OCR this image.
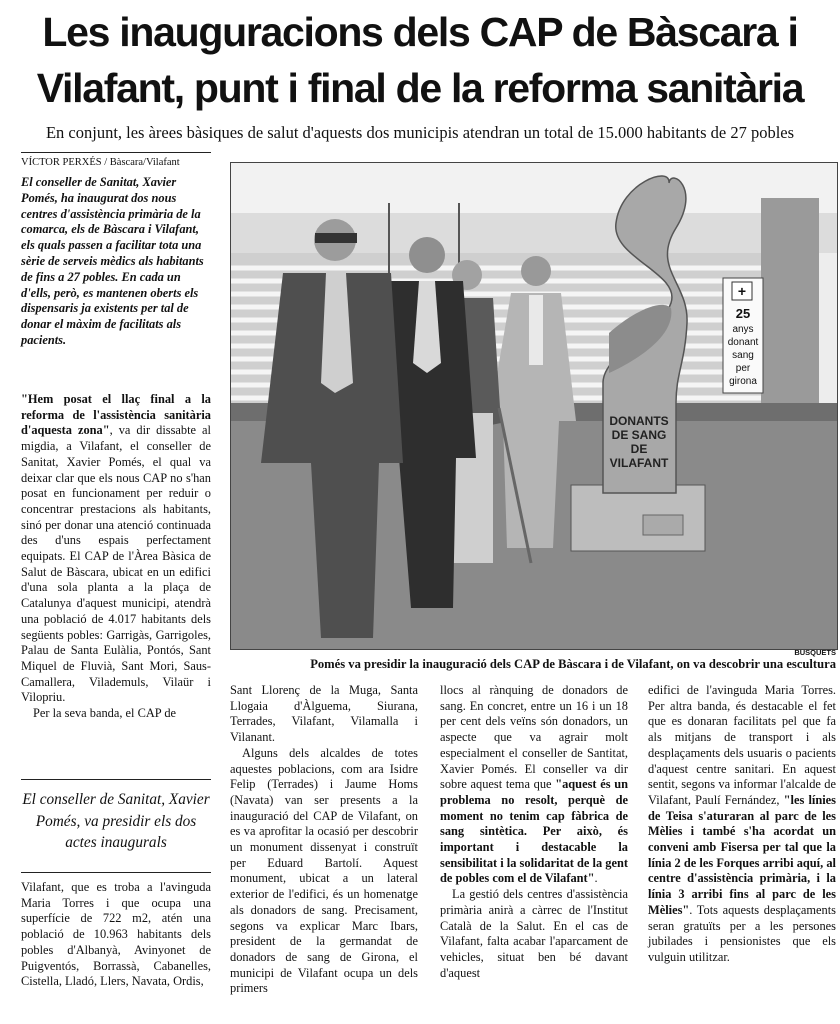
Les inauguracions dels CAP de Bàscara i
Vilafant, punt i final de la reforma sanitària
En conjunt, les àrees bàsiques de salut d'aquests dos municipis atendran un total de 15.000 habitants de 27 pobles
VÍCTOR PERXÉS / Bàscara/Vilafant
El conseller de Sanitat, Xavier Pomés, ha inaugurat dos nous centres d'assistència primària de la comarca, els de Bàscara i Vilafant, els quals passen a facilitar tota una sèrie de serveis mèdics als habitants de fins a 27 pobles. En cada un d'ells, però, es mantenen oberts els dispensaris ja existents per tal de donar el màxim de facilitats als pacients.

"Hem posat el llaç final a la reforma de l'assistència sanitària d'aquesta zona", va dir dissabte al migdia, a Vilafant, el conseller de Sanitat, Xavier Pomés, el qual va deixar clar que els nous CAP no s'han posat en funcionament per reduir o concentrar prestacions als habitants, sinó per donar una atenció continuada des d'uns espais perfectament equipats. El CAP de l'Àrea Bàsica de Salut de Bàscara, ubicat en un edifici d'una sola planta a la plaça de Catalunya d'aquest municipi, atendrà una població de 4.017 habitants dels següents pobles: Garrigàs, Garrigoles, Palau de Santa Eulàlia, Pontós, Sant Miquel de Fluvià, Sant Mori, Saus-Camallera, Vilademuls, Vilaür i Vilopriu.

Per la seva banda, el CAP de

El conseller de Sanitat, Xavier Pomés, va presidir els dos actes inaugurals

Vilafant, que es troba a l'avinguda Maria Torres i que ocupa una superfície de 722 m2, atén una població de 10.963 habitants dels pobles d'Albanyà, Avinyonet de Puigventós, Borrassà, Cabanelles, Cistella, Lladó, Llers, Navata, Ordis,

+
25
anys
donant
sang
per
girona
DONANTS
DE SANG
DE
VILAFANT
BUSQUETS
Pomés va presidir la inauguració dels CAP de Bàscara i de Vilafant, on va descobrir una escultura

Sant Llorenç de la Muga, Santa Llogaia d'Àlguema, Siurana, Terrades, Vilafant, Vilamalla i Vilanant.

Alguns dels alcaldes de totes aquestes poblacions, com ara Isidre Felip (Terrades) i Jaume Homs (Navata) van ser presents a la inauguració del CAP de Vilafant, on es va aprofitar la ocasió per descobrir un monument dissenyat i construït per Eduard Bartolí. Aquest monument, ubicat a un lateral exterior de l'edifici, és un homenatge als donadors de sang. Precisament, segons va explicar Marc Ibars, president de la germandat de donadors de sang de Girona, el municipi de Vilafant ocupa un dels primers

llocs al rànquing de donadors de sang. En concret, entre un 16 i un 18 per cent dels veïns són donadors, un aspecte que va agrair molt especialment el conseller de Santitat, Xavier Pomés. El conseller va dir sobre aquest tema que "aquest és un problema no resolt, perquè de moment no tenim cap fàbrica de sang sintètica. Per això, és important i destacable la sensibilitat i la solidaritat de la gent de pobles com el de Vilafant".

La gestió dels centres d'assistència primària anirà a càrrec de l'Institut Català de la Salut. En el cas de Vilafant, falta acabar l'aparcament de vehicles, situat ben bé davant d'aquest

edifici de l'avinguda Maria Torres. Per altra banda, és destacable el fet que es donaran facilitats pel que fa als mitjans de transport i als desplaçaments dels usuaris o pacients d'aquest centre sanitari. En aquest sentit, segons va informar l'alcalde de Vilafant, Paulí Fernández, "les línies de Teisa s'aturaran al parc de les Mèlies i també s'ha acordat un conveni amb Fisersa per tal que la línia 2 de les Forques arribi aquí, al centre d'assistència primària, i la línia 3 arribi fins al parc de les Mèlies". Tots aquests desplaçaments seran gratuïts per a les persones jubilades i pensionistes que els vulguin utilitzar.
